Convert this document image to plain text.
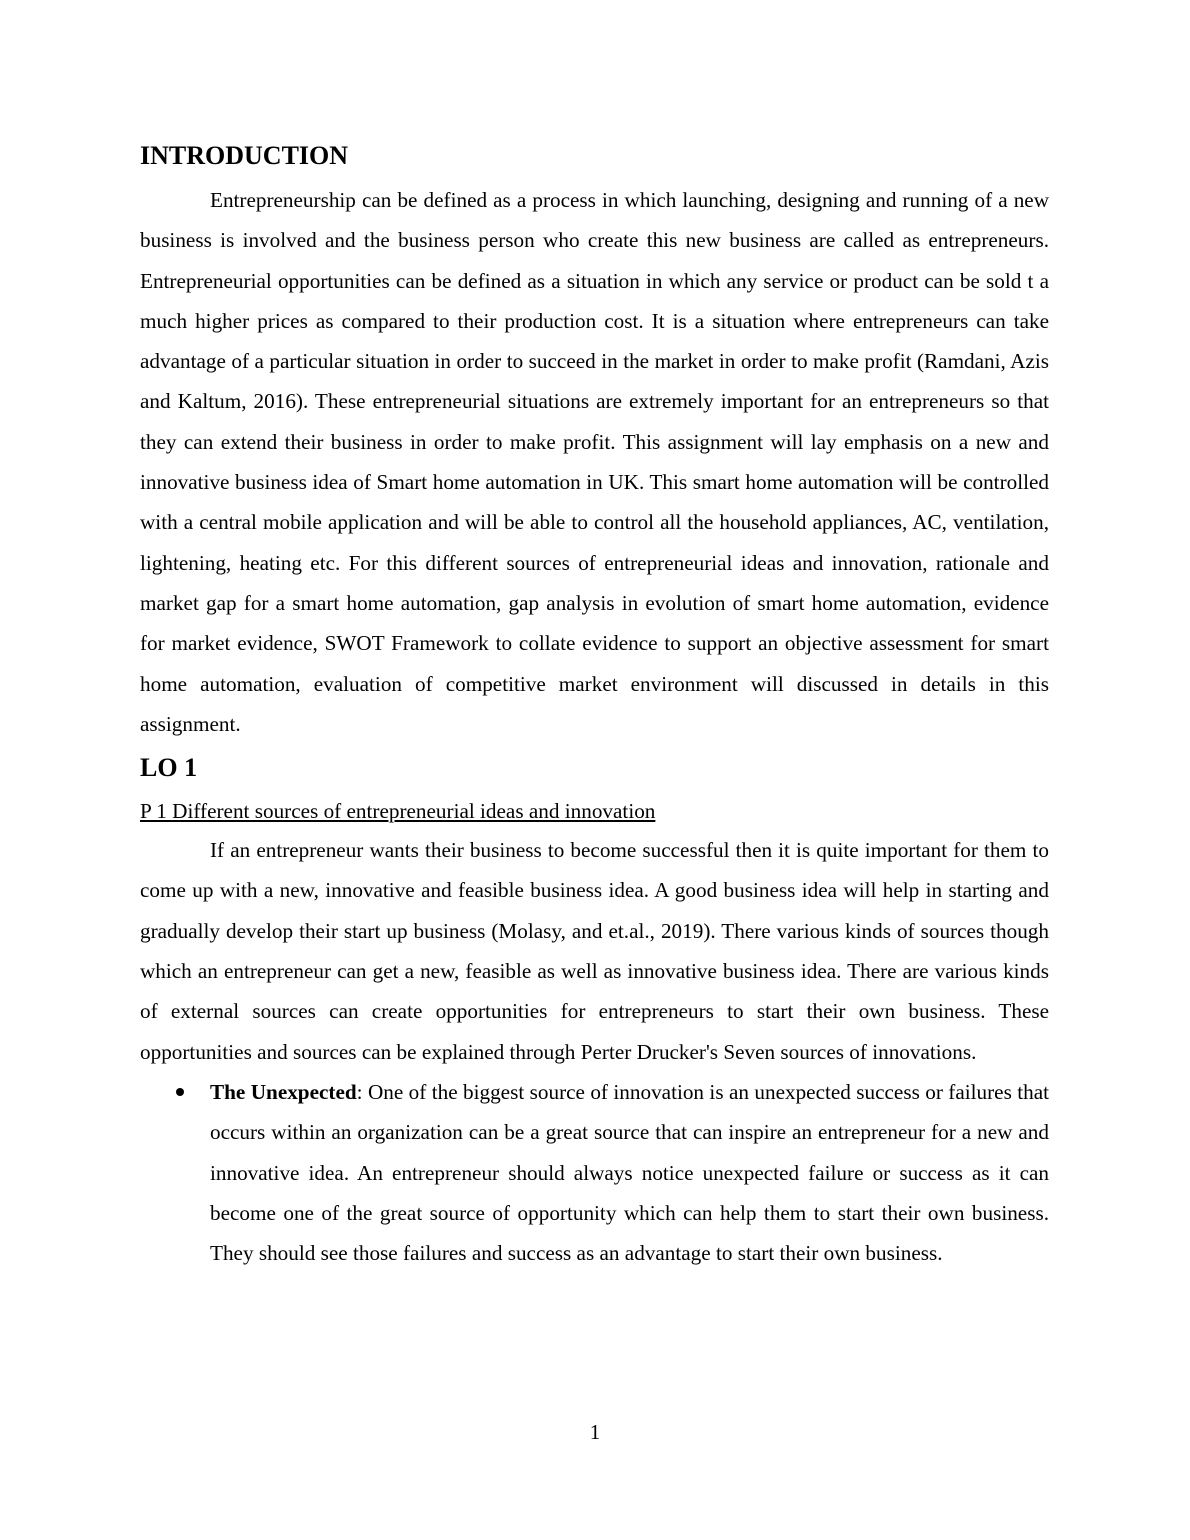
INTRODUCTION

Entrepreneurship can be defined as a process in which launching, designing and running of a new business is involved and the business person who create this new business are called as entrepreneurs. Entrepreneurial opportunities can be defined as a situation in which any service or product can be sold t a much higher prices as compared to their production cost. It is a situation where entrepreneurs can take advantage of a particular situation in order to succeed in the market in order to make profit (Ramdani, Azis and Kaltum, 2016). These entrepreneurial situations are extremely important for an entrepreneurs so that they can extend their business in order to make profit. This assignment will lay emphasis on a new and innovative business idea of Smart home automation in UK. This smart home automation will be controlled with a central mobile application and will be able to control all the household appliances, AC, ventilation, lightening, heating etc. For this different sources of entrepreneurial ideas and innovation, rationale and market gap for a smart home automation, gap analysis in evolution of smart home automation, evidence for market evidence, SWOT Framework to collate evidence to support an objective assessment for smart home automation, evaluation of competitive market environment will discussed in details in this assignment.

LO 1

P 1 Different sources of entrepreneurial ideas and innovation

If an entrepreneur wants their business to become successful then it is quite important for them to come up with a new, innovative and feasible business idea. A good business idea will help in starting and gradually develop their start up business (Molasy, and et.al., 2019). There various kinds of sources though which an entrepreneur can get a new, feasible as well as innovative business idea. There are various kinds of external sources can create opportunities for entrepreneurs to start their own business. These opportunities and sources can be explained through Perter Drucker's Seven sources of innovations.

The Unexpected: One of the biggest source of innovation is an unexpected success or failures that occurs within an organization can be a great source that can inspire an entrepreneur for a new and innovative idea. An entrepreneur should always notice unexpected failure or success as it can become one of the great source of opportunity which can help them to start their own business. They should see those failures and success as an advantage to start their own business.
1
